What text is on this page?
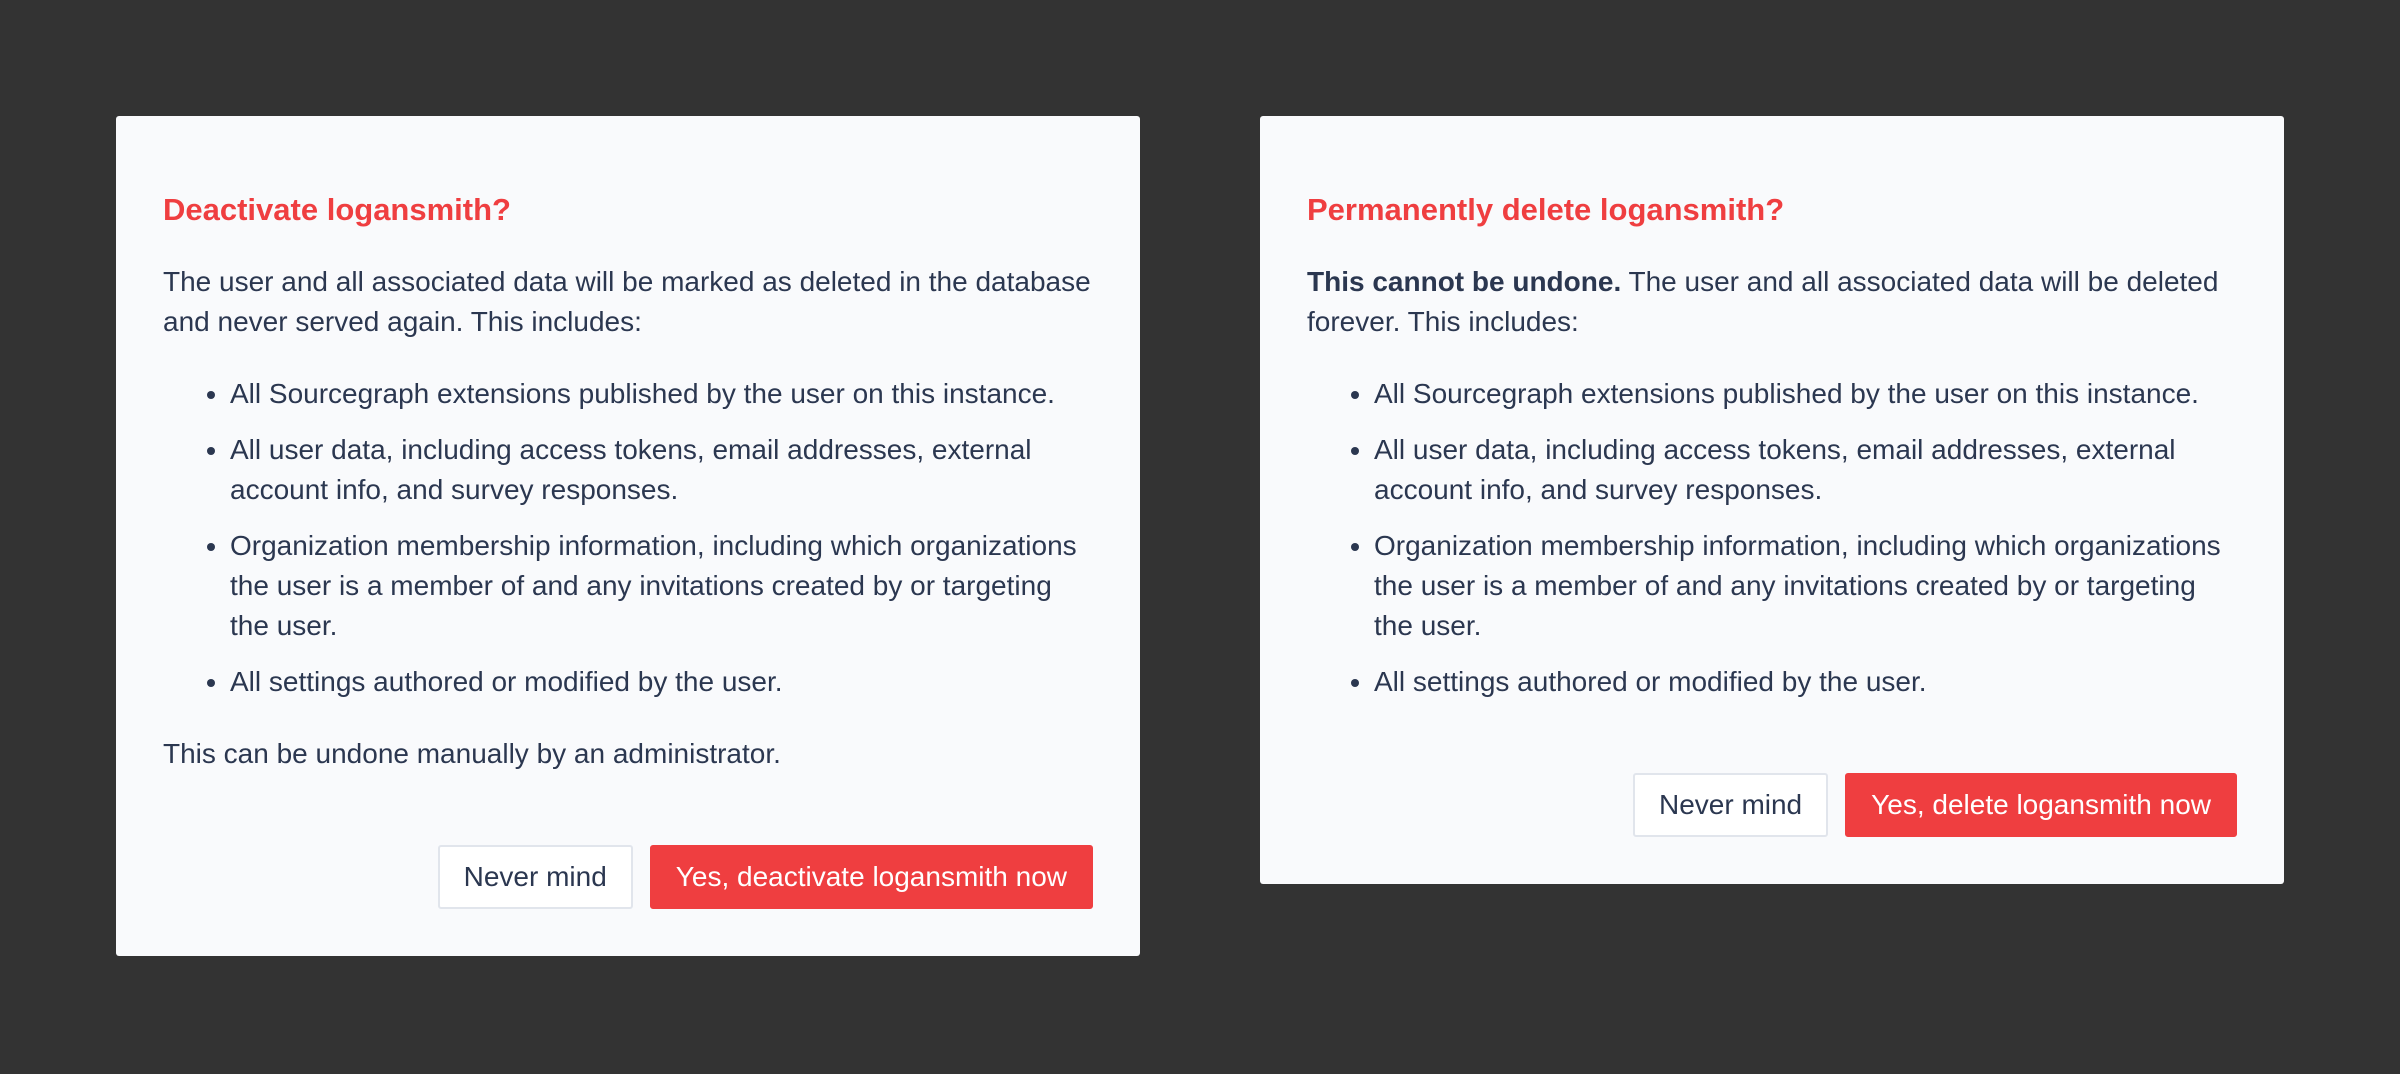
Deactivate logansmith?

The user and all associated data will be marked as deleted in the database and never served again. This includes:

• All Sourcegraph extensions published by the user on this instance.
• All user data, including access tokens, email addresses, external account info, and survey responses.
• Organization membership information, including which organizations the user is a member of and any invitations created by or targeting the user.
• All settings authored or modified by the user.

This can be undone manually by an administrator.

Never mind	Yes, deactivate logansmith now
Permanently delete logansmith?

This cannot be undone. The user and all associated data will be deleted forever. This includes:

• All Sourcegraph extensions published by the user on this instance.
• All user data, including access tokens, email addresses, external account info, and survey responses.
• Organization membership information, including which organizations the user is a member of and any invitations created by or targeting the user.
• All settings authored or modified by the user.
Never mind	Yes, delete logansmith now
